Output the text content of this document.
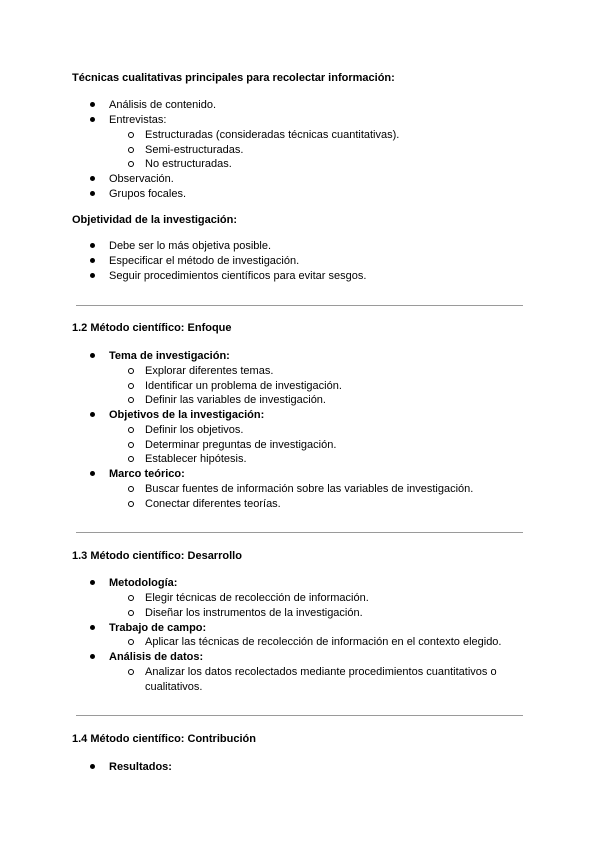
Técnicas cualitativas principales para recolectar información:

Análisis de contenido.

Entrevistas:

Estructuradas (consideradas técnicas cuantitativas).

Semi-estructuradas.

No estructuradas.

Observación.

Grupos focales.

Objetividad de la investigación:

Debe ser lo más objetiva posible.

Especificar el método de investigación.

Seguir procedimientos científicos para evitar sesgos.

1.2 Método científico: Enfoque

Tema de investigación:

Explorar diferentes temas.

Identificar un problema de investigación.

Definir las variables de investigación.

Objetivos de la investigación:

Definir los objetivos.

Determinar preguntas de investigación.

Establecer hipótesis.

Marco teórico:

Buscar fuentes de información sobre las variables de investigación.

Conectar diferentes teorías.

1.3 Método científico: Desarrollo

Metodología:

Elegir técnicas de recolección de información.

Diseñar los instrumentos de la investigación.

Trabajo de campo:

Aplicar las técnicas de recolección de información en el contexto elegido.

Análisis de datos:

Analizar los datos recolectados mediante procedimientos cuantitativos o

cualitativos.

1.4 Método científico: Contribución

Resultados:
